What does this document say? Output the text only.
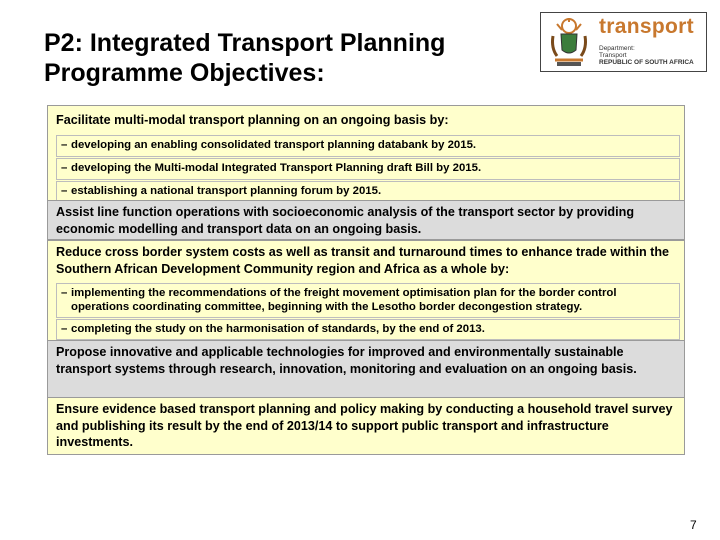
P2: Integrated Transport Planning Programme Objectives:
transport
Department:
Transport
REPUBLIC OF SOUTH AFRICA
Facilitate multi-modal transport planning on an ongoing basis by:
– developing an enabling consolidated transport planning databank by 2015.
– developing the Multi-modal Integrated Transport Planning draft Bill by 2015.
– establishing a national transport planning forum by 2015.
Assist line function operations with socioeconomic analysis of the transport sector by providing economic modelling and transport data on an ongoing basis.
Reduce cross border system costs as well as transit and turnaround times to enhance trade within the Southern African Development Community region and Africa as a whole by:
– implementing the recommendations of the freight movement optimisation plan for the border control operations coordinating committee, beginning with the Lesotho border decongestion strategy.
– completing the study on the harmonisation of standards, by the end of 2013.
Propose innovative and applicable technologies for improved and environmentally sustainable transport systems through research, innovation, monitoring and evaluation on an ongoing basis.
Ensure evidence based transport planning and policy making by conducting a household travel survey and publishing its result by the end of 2013/14 to support public transport and infrastructure investments.
7
